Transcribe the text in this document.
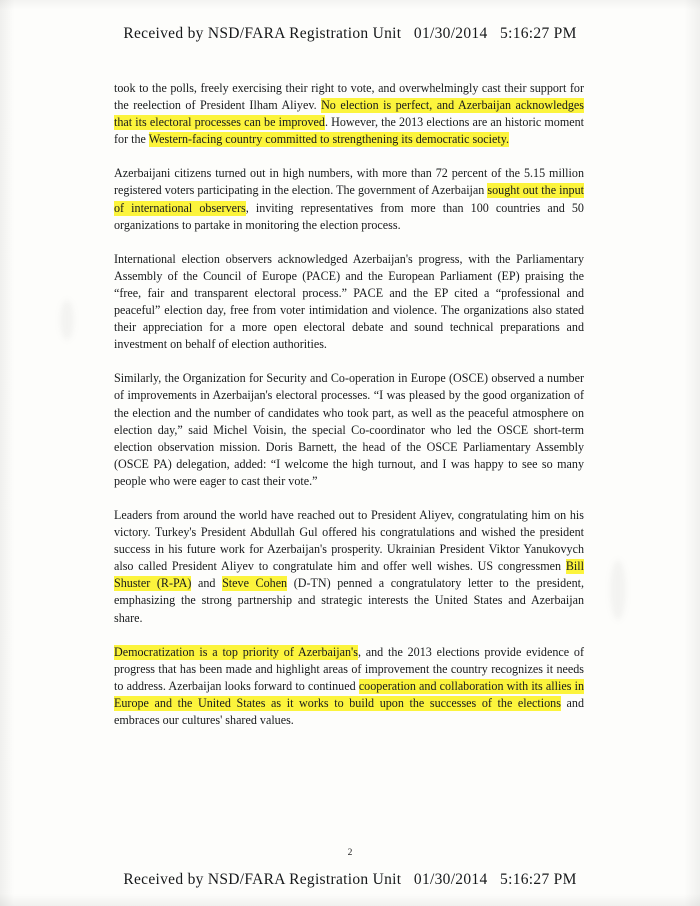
Received by NSD/FARA Registration Unit   01/30/2014   5:16:27 PM

took to the polls, freely exercising their right to vote, and overwhelmingly cast their support for the reelection of President Ilham Aliyev. No election is perfect, and Azerbaijan acknowledges that its electoral processes can be improved. However, the 2013 elections are an historic moment for the Western-facing country committed to strengthening its democratic society.

Azerbaijani citizens turned out in high numbers, with more than 72 percent of the 5.15 million registered voters participating in the election. The government of Azerbaijan sought out the input of international observers, inviting representatives from more than 100 countries and 50 organizations to partake in monitoring the election process.

International election observers acknowledged Azerbaijan's progress, with the Parliamentary Assembly of the Council of Europe (PACE) and the European Parliament (EP) praising the “free, fair and transparent electoral process.” PACE and the EP cited a “professional and peaceful” election day, free from voter intimidation and violence. The organizations also stated their appreciation for a more open electoral debate and sound technical preparations and investment on behalf of election authorities.

Similarly, the Organization for Security and Co-operation in Europe (OSCE) observed a number of improvements in Azerbaijan's electoral processes. “I was pleased by the good organization of the election and the number of candidates who took part, as well as the peaceful atmosphere on election day,” said Michel Voisin, the special Co-coordinator who led the OSCE short-term election observation mission. Doris Barnett, the head of the OSCE Parliamentary Assembly (OSCE PA) delegation, added: “I welcome the high turnout, and I was happy to see so many people who were eager to cast their vote.”

Leaders from around the world have reached out to President Aliyev, congratulating him on his victory. Turkey's President Abdullah Gul offered his congratulations and wished the president success in his future work for Azerbaijan's prosperity. Ukrainian President Viktor Yanukovych also called President Aliyev to congratulate him and offer well wishes. US congressmen Bill Shuster (R-PA) and Steve Cohen (D-TN) penned a congratulatory letter to the president, emphasizing the strong partnership and strategic interests the United States and Azerbaijan share.

Democratization is a top priority of Azerbaijan's, and the 2013 elections provide evidence of progress that has been made and highlight areas of improvement the country recognizes it needs to address. Azerbaijan looks forward to continued cooperation and collaboration with its allies in Europe and the United States as it works to build upon the successes of the elections and embraces our cultures' shared values.

2
Received by NSD/FARA Registration Unit   01/30/2014   5:16:27 PM
